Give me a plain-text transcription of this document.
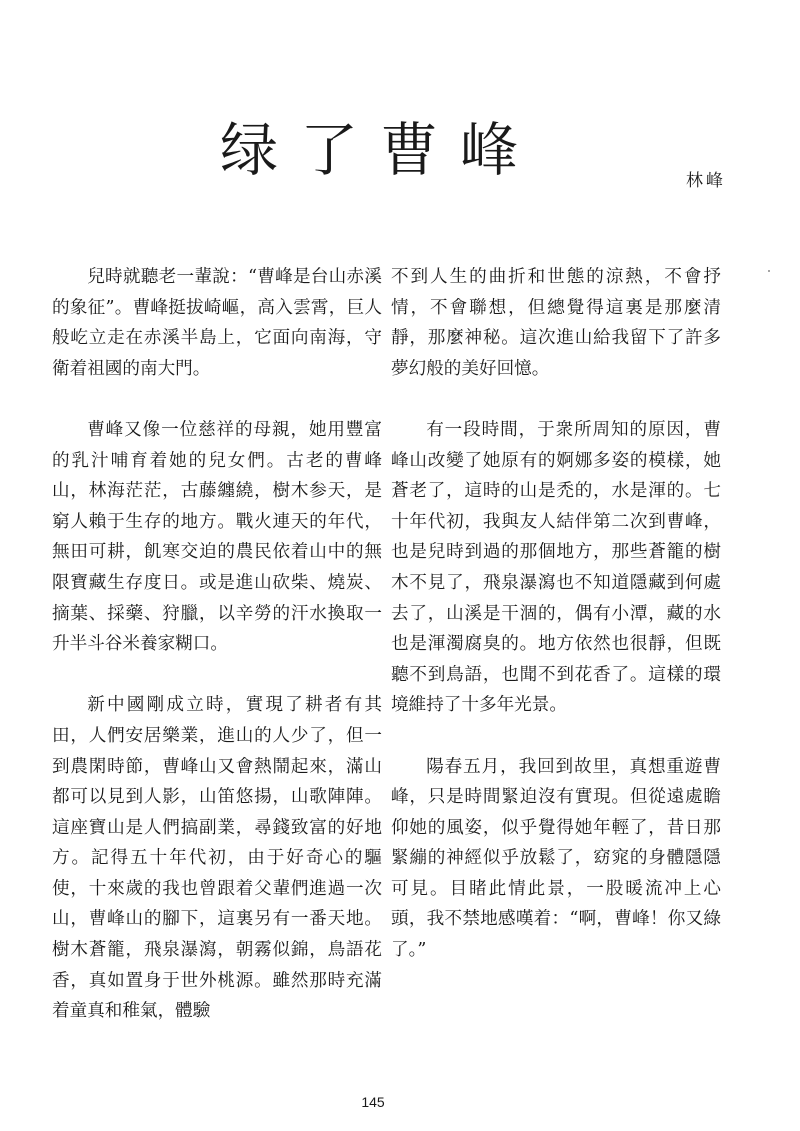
绿了曹峰	林峰

兒時就聽老一輩說：“曹峰是台山赤溪的象征”。曹峰挺拔崎嶇，高入雲霄，巨人般屹立走在赤溪半島上，它面向南海，守衛着祖國的南大門。

曹峰又像一位慈祥的母親，她用豐富的乳汁哺育着她的兒女們。古老的曹峰山，林海茫茫，古藤纏繞，樹木参天，是窮人賴于生存的地方。戰火連天的年代，無田可耕，飢寒交迫的農民依着山中的無限寶藏生存度日。或是進山砍柴、燒炭、摘葉、採藥、狩臘，以辛勞的汗水換取一升半斗谷米養家糊口。

新中國剛成立時，實現了耕者有其田，人們安居樂業，進山的人少了，但一到農閑時節，曹峰山又會熱鬧起來，滿山都可以見到人影，山笛悠揚，山歌陣陣。這座寶山是人們搞副業，尋錢致富的好地方。記得五十年代初，由于好奇心的驅使，十來歲的我也曾跟着父輩們進過一次山，曹峰山的腳下，這裏另有一番天地。樹木蒼籠，飛泉瀑瀉，朝霧似錦，鳥語花香，真如置身于世外桃源。雖然那時充滿着童真和稚氣，體驗

不到人生的曲折和世態的涼熱，不會抒情，不會聯想，但總覺得這裏是那麼清靜，那麼神秘。這次進山給我留下了許多夢幻般的美好回憶。

有一段時間，于衆所周知的原因，曹峰山改變了她原有的婀娜多姿的模樣，她蒼老了，這時的山是禿的，水是渾的。七十年代初，我與友人結伴第二次到曹峰，也是兒時到過的那個地方，那些蒼籠的樹木不見了，飛泉瀑瀉也不知道隱藏到何處去了，山溪是干涸的，偶有小潭，藏的水也是渾濁腐臭的。地方依然也很靜，但既聽不到鳥語，也聞不到花香了。這樣的環境維持了十多年光景。

陽春五月，我回到故里，真想重遊曹峰，只是時間緊迫沒有實現。但從遠處瞻仰她的風姿，似乎覺得她年輕了，昔日那緊繃的神經似乎放鬆了，窈窕的身體隱隱可見。目睹此情此景，一股暖流冲上心頭，我不禁地感嘆着：“啊，曹峰！你又綠了。”

145
